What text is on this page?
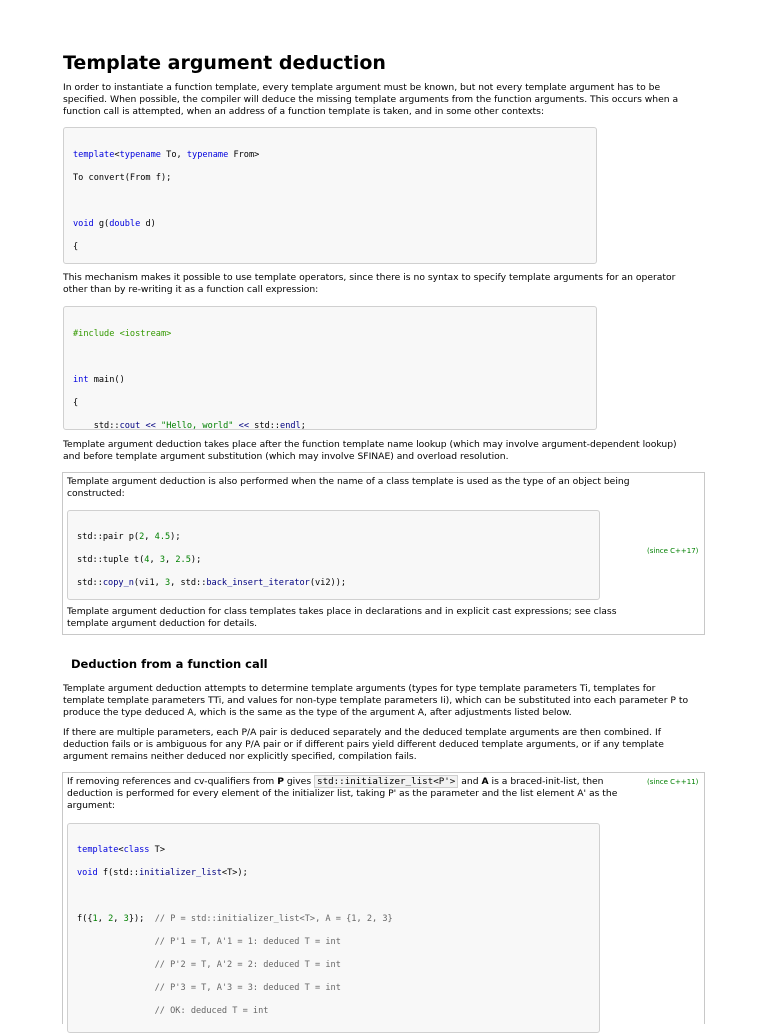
Template argument deduction

In order to instantiate a function template, every template argument must be known, but not every template argument has to be
specified. When possible, the compiler will deduce the missing template arguments from the function arguments. This occurs when a
function call is attempted, when an address of a function template is taken, and in some other contexts:

template<typename To, typename From>

To convert(From f);

void g(double d)

{

This mechanism makes it possible to use template operators, since there is no syntax to specify template arguments for an operator
other than by re-writing it as a function call expression:

#include <iostream>

int main()

{

std::cout << "Hello, world" << std::endl;

Template argument deduction takes place after the function template name lookup (which may involve argument-dependent lookup)
and before template argument substitution (which may involve SFINAE) and overload resolution.

Template argument deduction is also performed when the name of a class template is used as the type of an object being
constructed:

std::pair p(2, 4.5);

std::tuple t(4, 3, 2.5);

std::copy_n(vi1, 3, std::back_insert_iterator(vi2));

(since C++17)

Template argument deduction for class templates takes place in declarations and in explicit cast expressions; see class
template argument deduction for details.

Deduction from a function call

Template argument deduction attempts to determine template arguments (types for type template parameters Ti, templates for
template template parameters TTi, and values for non-type template parameters Ii), which can be substituted into each parameter P to
produce the type deduced A, which is the same as the type of the argument A, after adjustments listed below.

If there are multiple parameters, each P/A pair is deduced separately and the deduced template arguments are then combined. If
deduction fails or is ambiguous for any P/A pair or if different pairs yield different deduced template arguments, or if any template
argument remains neither deduced nor explicitly specified, compilation fails.

If removing references and cv-qualifiers from P gives std::initializer_list<P'> and A is a braced-init-list, then
deduction is performed for every element of the initializer list, taking P' as the parameter and the list element A' as the
argument:

(since C++11)

template<class T>

void f(std::initializer_list<T>);

f({1, 2, 3});  // P = std::initializer_list<T>, A = {1, 2, 3}

// P'1 = T, A'1 = 1: deduced T = int

// P'2 = T, A'2 = 2: deduced T = int

// P'3 = T, A'3 = 3: deduced T = int

// OK: deduced T = int
